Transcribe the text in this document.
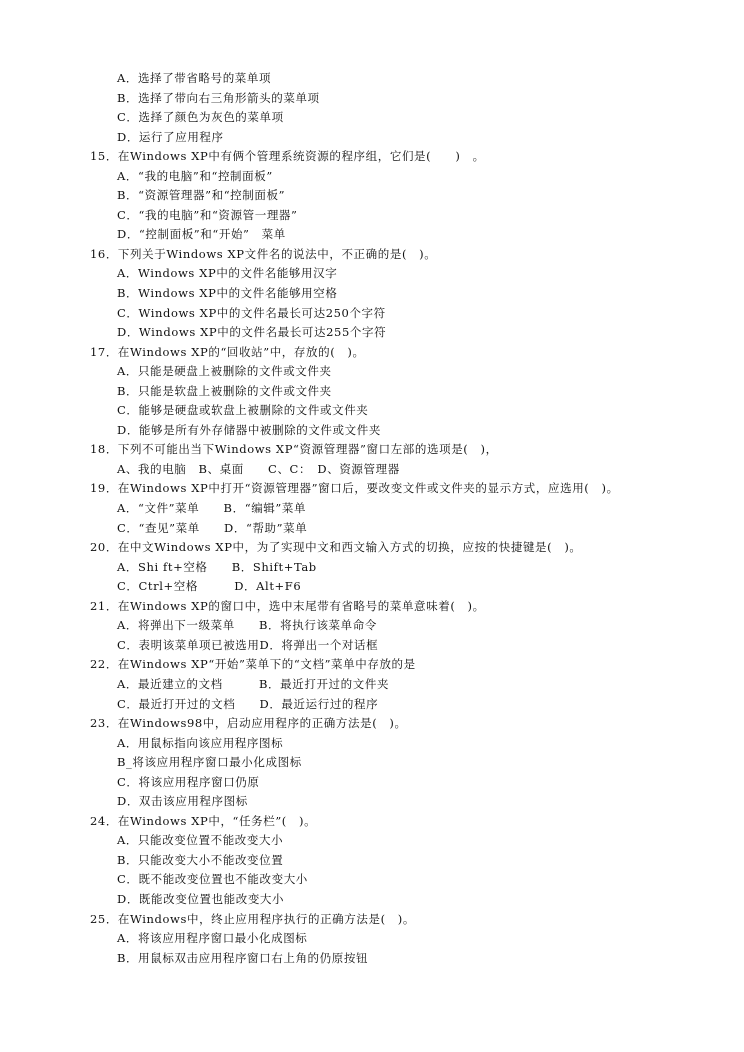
A．选择了带省略号的菜单项
B．选择了带向右三角形箭头的菜单项
C．选择了颜色为灰色的菜单项
D．运行了应用程序
15．在Windows XP中有俩个管理系统资源的程序组，它们是(　　)　。
A．“我的电脑”和“控制面板”
B．“资源管理器”和“控制面板”
C．“我的电脑”和“资源管一理器”
D．“控制面板”和“开始”　菜单
16．下列关于Windows XP文件名的说法中，不正确的是(　)。
A．Windows XP中的文件名能够用汉字
B．Windows XP中的文件名能够用空格
C．Windows XP中的文件名最长可达250个字符
D．Windows XP中的文件名最长可达255个字符
17．在Windows XP的“回收站”中，存放的(　)。
A．只能是硬盘上被删除的文件或文件夹
B．只能是软盘上被删除的文件或文件夹
C．能够是硬盘或软盘上被删除的文件或文件夹
D．能够是所有外存储器中被删除的文件或文件夹
18．下列不可能出当下Windows XP“资源管理器”窗口左部的选项是(　)，
A、我的电脑　B、桌面　　C、C：　D、资源管理器
19．在Windows XP中打开“资源管理器”窗口后，要改变文件或文件夹的显示方式，应选用(　)。
A．“文件”菜单　　B．“编辑”菜单
C．“查见”菜单　　D．“帮助”菜单
20．在中文Windows XP中，为了实现中文和西文输入方式的切换，应按的快捷键是(　)。
A．Shi ft+空格　　B．Shift+Tab
C．Ctrl+空格　　　D．Alt+F6
21．在Windows XP的窗口中，选中末尾带有省略号的菜单意味着(　)。
A．将弹出下一级菜单　　B．将执行该菜单命令
C．表明该菜单项已被选用D．将弹出一个对话框
22．在Windows XP“开始”菜单下的“文档”菜单中存放的是
A．最近建立的文档　　　B．最近打开过的文件夹
C．最近打开过的文档　　D．最近运行过的程序
23．在Windows98中，启动应用程序的正确方法是(　)。
A．用鼠标指向该应用程序图标
B_将该应用程序窗口最小化成图标
C．将该应用程序窗口仍原
D．双击该应用程序图标
24．在Windows XP中，“任务栏”(　)。
A．只能改变位置不能改变大小
B．只能改变大小不能改变位置
C．既不能改变位置也不能改变大小
D．既能改变位置也能改变大小
25．在Windows中，终止应用程序执行的正确方法是(　)。
A．将该应用程序窗口最小化成图标
B．用鼠标双击应用程序窗口右上角的仍原按钮
